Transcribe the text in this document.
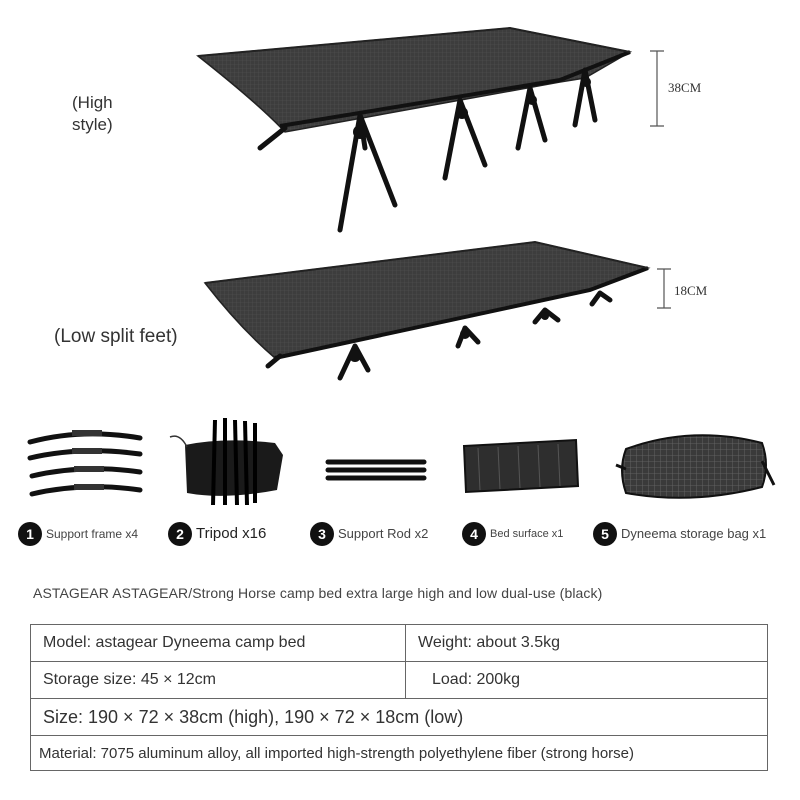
(High style)
38CM
(Low split feet)
18CM
1	Support frame x4	2 Tripod x16	3 Support Rod x2	4	Bed surface x1	5 Dyneema storage bag x1
ASTAGEAR ASTAGEAR/Strong Horse camp bed extra large high and low dual-use (black)
Model: astagear Dyneema camp bed	Weight: about 3.5kg
Storage size: 45 × 12cm	Load: 200kg
Size: 190 × 72 × 38cm (high), 190 × 72 × 18cm (low)	
Material: 7075 aluminum alloy, all imported high-strength polyethylene fiber (strong horse)	
